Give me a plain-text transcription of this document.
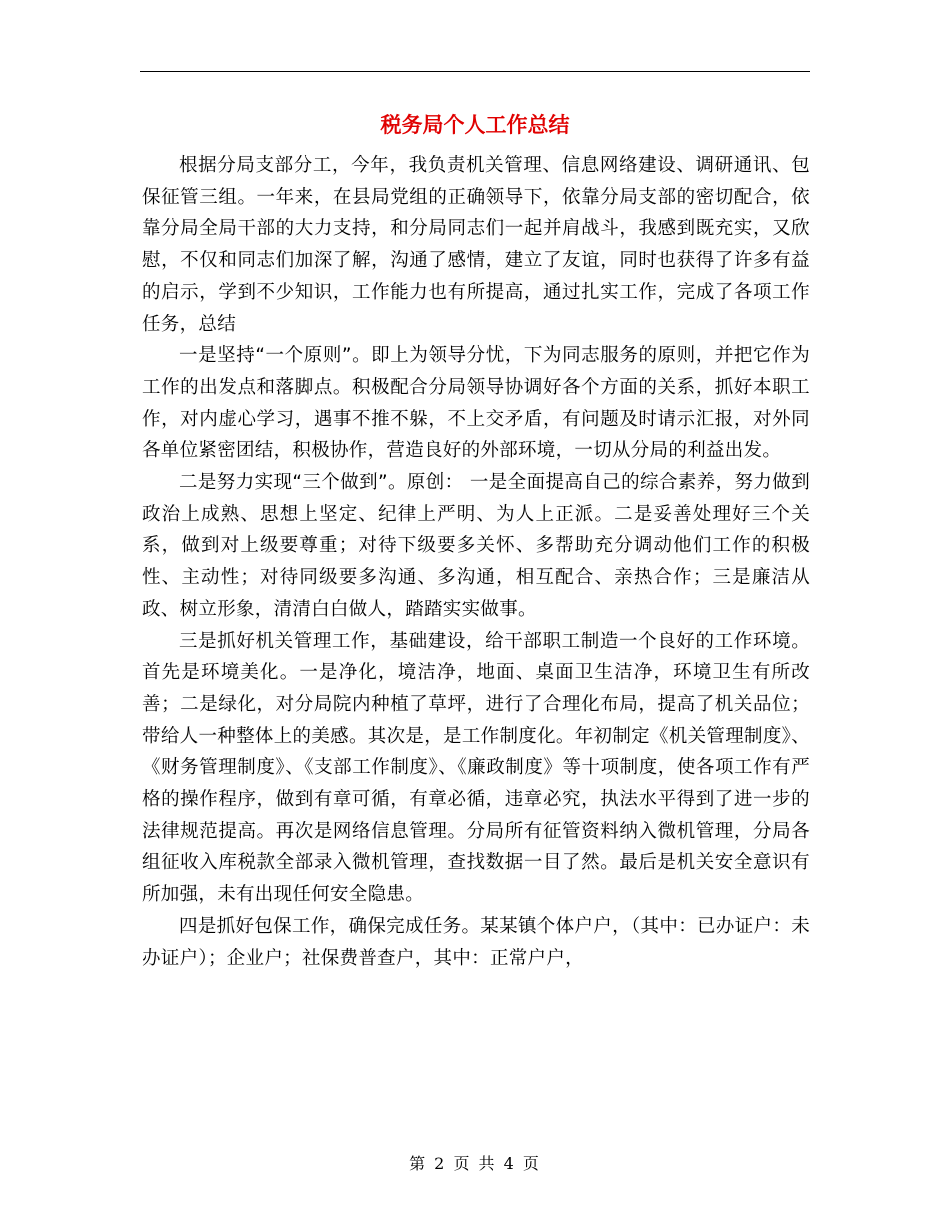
税务局个人工作总结

根据分局支部分工，今年，我负责机关管理、信息网络建设、调研通讯、包保征管三组。一年来，在县局党组的正确领导下，依靠分局支部的密切配合，依靠分局全局干部的大力支持，和分局同志们一起并肩战斗，我感到既充实，又欣慰，不仅和同志们加深了解，沟通了感情，建立了友谊，同时也获得了许多有益的启示，学到不少知识，工作能力也有所提高，通过扎实工作，完成了各项工作任务，总结

一是坚持“一个原则”。即上为领导分忧，下为同志服务的原则，并把它作为工作的出发点和落脚点。积极配合分局领导协调好各个方面的关系，抓好本职工作，对内虚心学习，遇事不推不躲，不上交矛盾，有问题及时请示汇报，对外同各单位紧密团结，积极协作，营造良好的外部环境，一切从分局的利益出发。

二是努力实现“三个做到”。原创： 一是全面提高自己的综合素养，努力做到政治上成熟、思想上坚定、纪律上严明、为人上正派。二是妥善处理好三个关系，做到对上级要尊重；对待下级要多关怀、多帮助充分调动他们工作的积极性、主动性；对待同级要多沟通、多沟通，相互配合、亲热合作；三是廉洁从政、树立形象，清清白白做人，踏踏实实做事。

三是抓好机关管理工作，基础建设，给干部职工制造一个良好的工作环境。首先是环境美化。一是净化，境洁净，地面、桌面卫生洁净，环境卫生有所改善；二是绿化，对分局院内种植了草坪，进行了合理化布局，提高了机关品位；带给人一种整体上的美感。其次是，是工作制度化。年初制定《机关管理制度》、《财务管理制度》、《支部工作制度》、《廉政制度》等十项制度，使各项工作有严格的操作程序，做到有章可循，有章必循，违章必究，执法水平得到了进一步的法律规范提高。再次是网络信息管理。分局所有征管资料纳入微机管理，分局各组征收入库税款全部录入微机管理，查找数据一目了然。最后是机关安全意识有所加强，未有出现任何安全隐患。

四是抓好包保工作，确保完成任务。某某镇个体户户，（其中：已办证户：未办证户）；企业户；社保费普查户，其中：正常户户，

第 2 页 共 4 页
